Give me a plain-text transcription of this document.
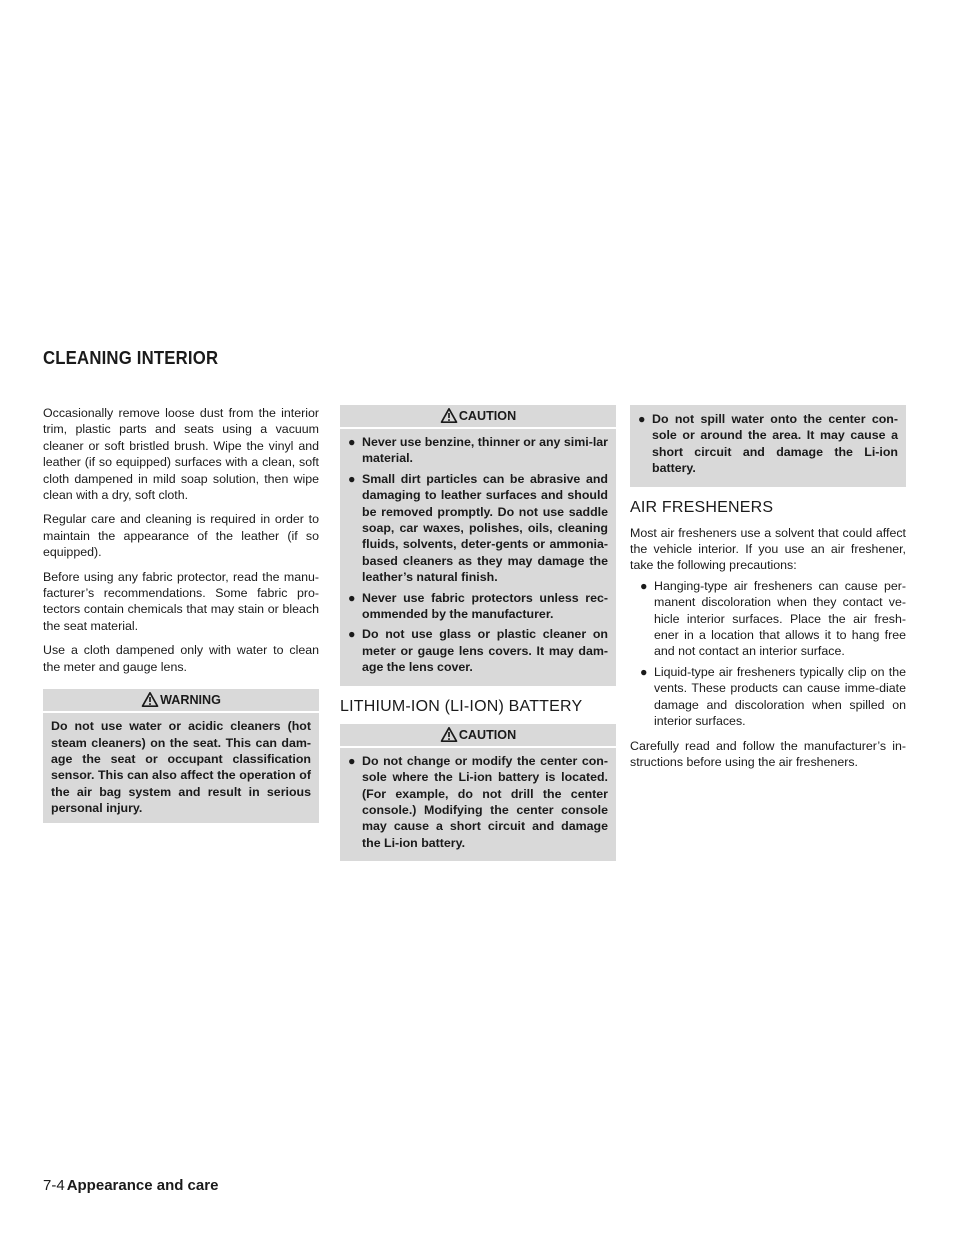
CLEANING INTERIOR

Occasionally remove loose dust from the interior trim, plastic parts and seats using a vacuum cleaner or soft bristled brush. Wipe the vinyl and leather (if so equipped) surfaces with a clean, soft cloth dampened in mild soap solution, then wipe clean with a dry, soft cloth.

Regular care and cleaning is required in order to maintain the appearance of the leather (if so equipped).

Before using any fabric protector, read the manu-facturer’s recommendations. Some fabric pro-tectors contain chemicals that may stain or bleach the seat material.

Use a cloth dampened only with water to clean the meter and gauge lens.

WARNING
Do not use water or acidic cleaners (hot steam cleaners) on the seat. This can dam-age the seat or occupant classification sensor. This can also affect the operation of the air bag system and result in serious personal injury.
CAUTION
● Never use benzine, thinner or any simi-lar material.
● Small dirt particles can be abrasive and damaging to leather surfaces and should be removed promptly. Do not use saddle soap, car waxes, polishes, oils, cleaning fluids, solvents, deter-gents or ammonia-based cleaners as they may damage the leather’s natural finish.
● Never use fabric protectors unless rec-ommended by the manufacturer.
● Do not use glass or plastic cleaner on meter or gauge lens covers. It may dam-age the lens cover.
LITHIUM-ION (LI-ION) BATTERY
CAUTION
● Do not change or modify the center con-sole where the Li-ion battery is located. (For example, do not drill the center console.) Modifying the center console may cause a short circuit and damage the Li-ion battery.
● Do not spill water onto the center con-sole or around the area. It may cause a short circuit and damage the Li-ion battery.
AIR FRESHENERS

Most air fresheners use a solvent that could affect the vehicle interior. If you use an air freshener, take the following precautions:

● Hanging-type air fresheners can cause per-manent discoloration when they contact ve-hicle interior surfaces. Place the air fresh-ener in a location that allows it to hang free and not contact an interior surface.
● Liquid-type air fresheners typically clip on the vents. These products can cause imme-diate damage and discoloration when spilled on interior surfaces.

Carefully read and follow the manufacturer’s in-structions before using the air fresheners.

7-4 Appearance and care
